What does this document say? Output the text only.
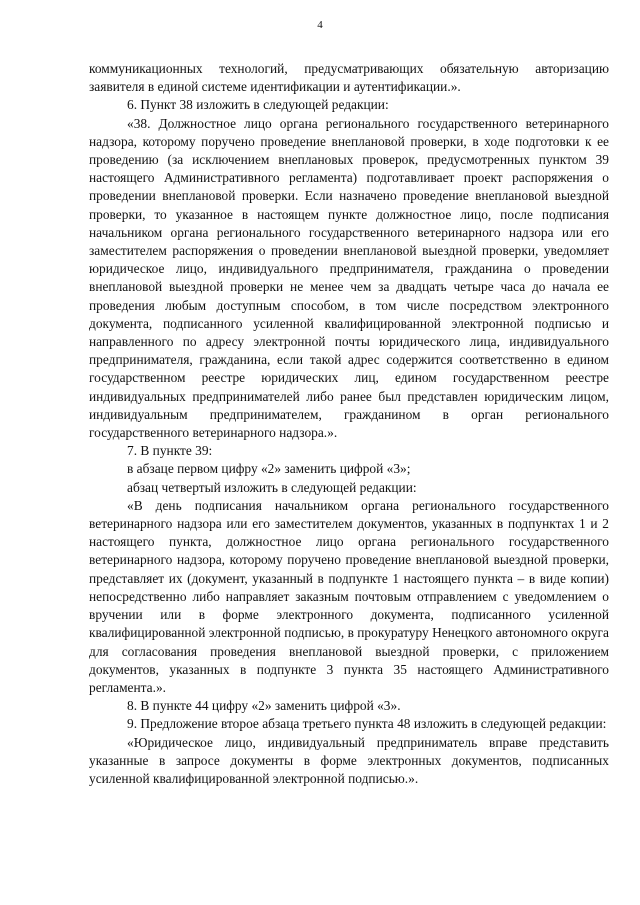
4

коммуникационных технологий, предусматривающих обязательную авторизацию заявителя в единой системе идентификации и аутентификации.».

6. Пункт 38 изложить в следующей редакции:

«38. Должностное лицо органа регионального государственного ветеринарного надзора, которому поручено проведение внеплановой проверки, в ходе подготовки к ее проведению (за исключением внеплановых проверок, предусмотренных пунктом 39 настоящего Административного регламента) подготавливает проект распоряжения о проведении внеплановой проверки. Если назначено проведение внеплановой выездной проверки, то указанное в настоящем пункте должностное лицо, после подписания начальником органа регионального государственного ветеринарного надзора или его заместителем распоряжения о проведении внеплановой выездной проверки, уведомляет юридическое лицо, индивидуального предпринимателя, гражданина о проведении внеплановой выездной проверки не менее чем за двадцать четыре часа до начала ее проведения любым доступным способом, в том числе посредством электронного документа, подписанного усиленной квалифицированной электронной подписью и направленного по адресу электронной почты юридического лица, индивидуального предпринимателя, гражданина, если такой адрес содержится соответственно в едином государственном реестре юридических лиц, едином государственном реестре индивидуальных предпринимателей либо ранее был представлен юридическим лицом, индивидуальным предпринимателем, гражданином в орган регионального государственного ветеринарного надзора.».

7. В пункте 39:

в абзаце первом цифру «2» заменить цифрой «3»;

абзац четвертый изложить в следующей редакции:

«В день подписания начальником органа регионального государственного ветеринарного надзора или его заместителем документов, указанных в подпунктах 1 и 2 настоящего пункта, должностное лицо органа регионального государственного ветеринарного надзора, которому поручено проведение внеплановой выездной проверки, представляет их (документ, указанный в подпункте 1 настоящего пункта – в виде копии) непосредственно либо направляет заказным почтовым отправлением с уведомлением о вручении или в форме электронного документа, подписанного усиленной квалифицированной электронной подписью, в прокуратуру Ненецкого автономного округа для согласования проведения внеплановой выездной проверки, с приложением документов, указанных в подпункте 3 пункта 35 настоящего Административного регламента.».

8. В пункте 44 цифру «2» заменить цифрой «3».

9. Предложение второе абзаца третьего пункта 48 изложить в следующей редакции:

«Юридическое лицо, индивидуальный предприниматель вправе представить указанные в запросе документы в форме электронных документов, подписанных усиленной квалифицированной электронной подписью.».
